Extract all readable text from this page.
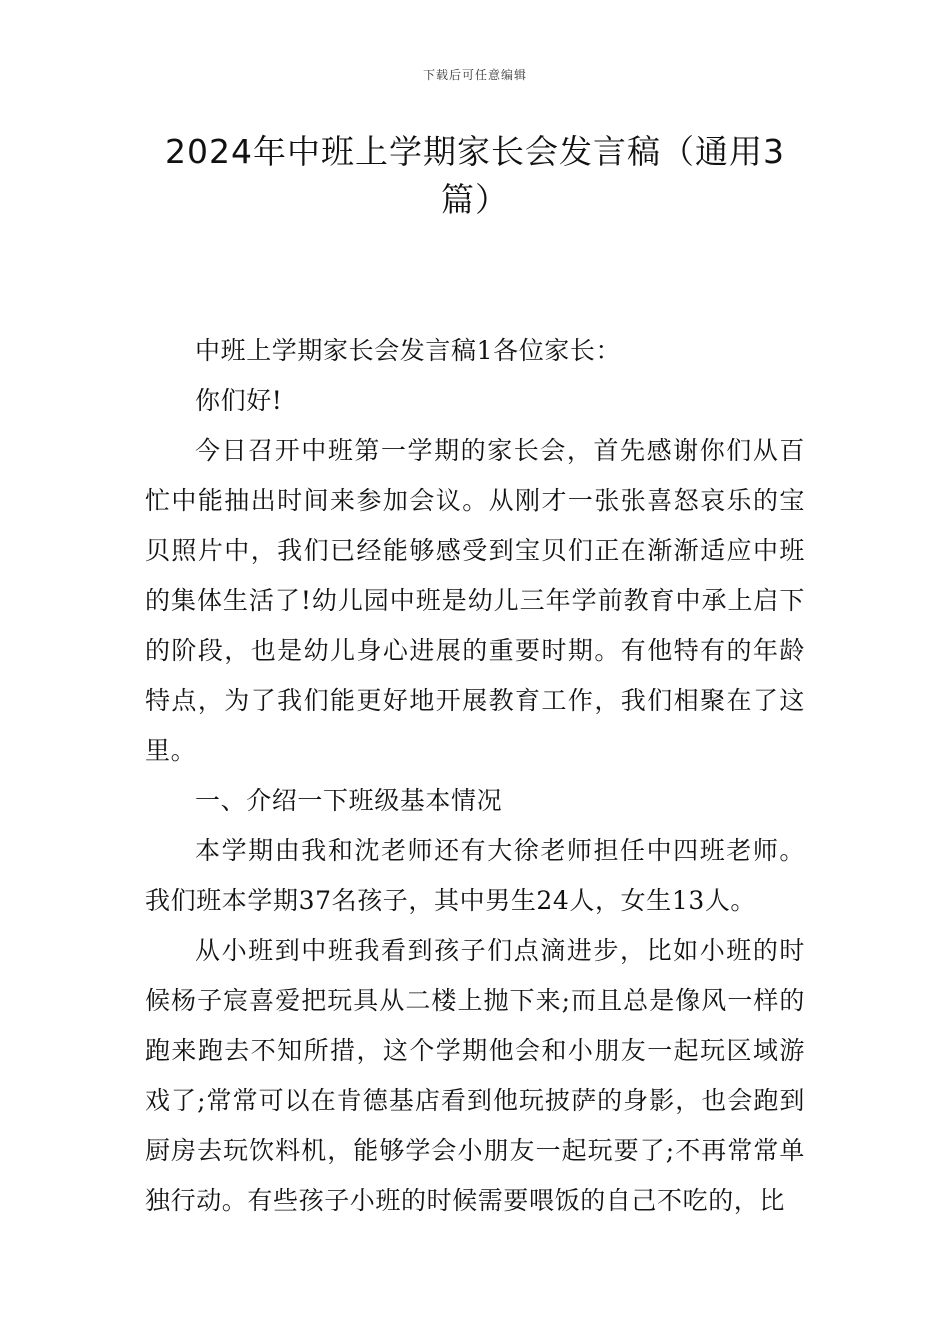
下载后可任意编辑
2024年中班上学期家长会发言稿（通用3篇）

中班上学期家长会发言稿1各位家长：

你们好!

今日召开中班第一学期的家长会，首先感谢你们从百忙中能抽出时间来参加会议。从刚才一张张喜怒哀乐的宝贝照片中，我们已经能够感受到宝贝们正在渐渐适应中班的集体生活了!幼儿园中班是幼儿三年学前教育中承上启下的阶段，也是幼儿身心进展的重要时期。有他特有的年龄特点，为了我们能更好地开展教育工作，我们相聚在了这里。

一、介绍一下班级基本情况

本学期由我和沈老师还有大徐老师担任中四班老师。我们班本学期37名孩子，其中男生24人，女生13人。

从小班到中班我看到孩子们点滴进步，比如小班的时候杨子宸喜爱把玩具从二楼上抛下来;而且总是像风一样的跑来跑去不知所措，这个学期他会和小朋友一起玩区域游戏了;常常可以在肯德基店看到他玩披萨的身影，也会跑到厨房去玩饮料机，能够学会小朋友一起玩要了;不再常常单独行动。有些孩子小班的时候需要喂饭的自己不吃的，比
